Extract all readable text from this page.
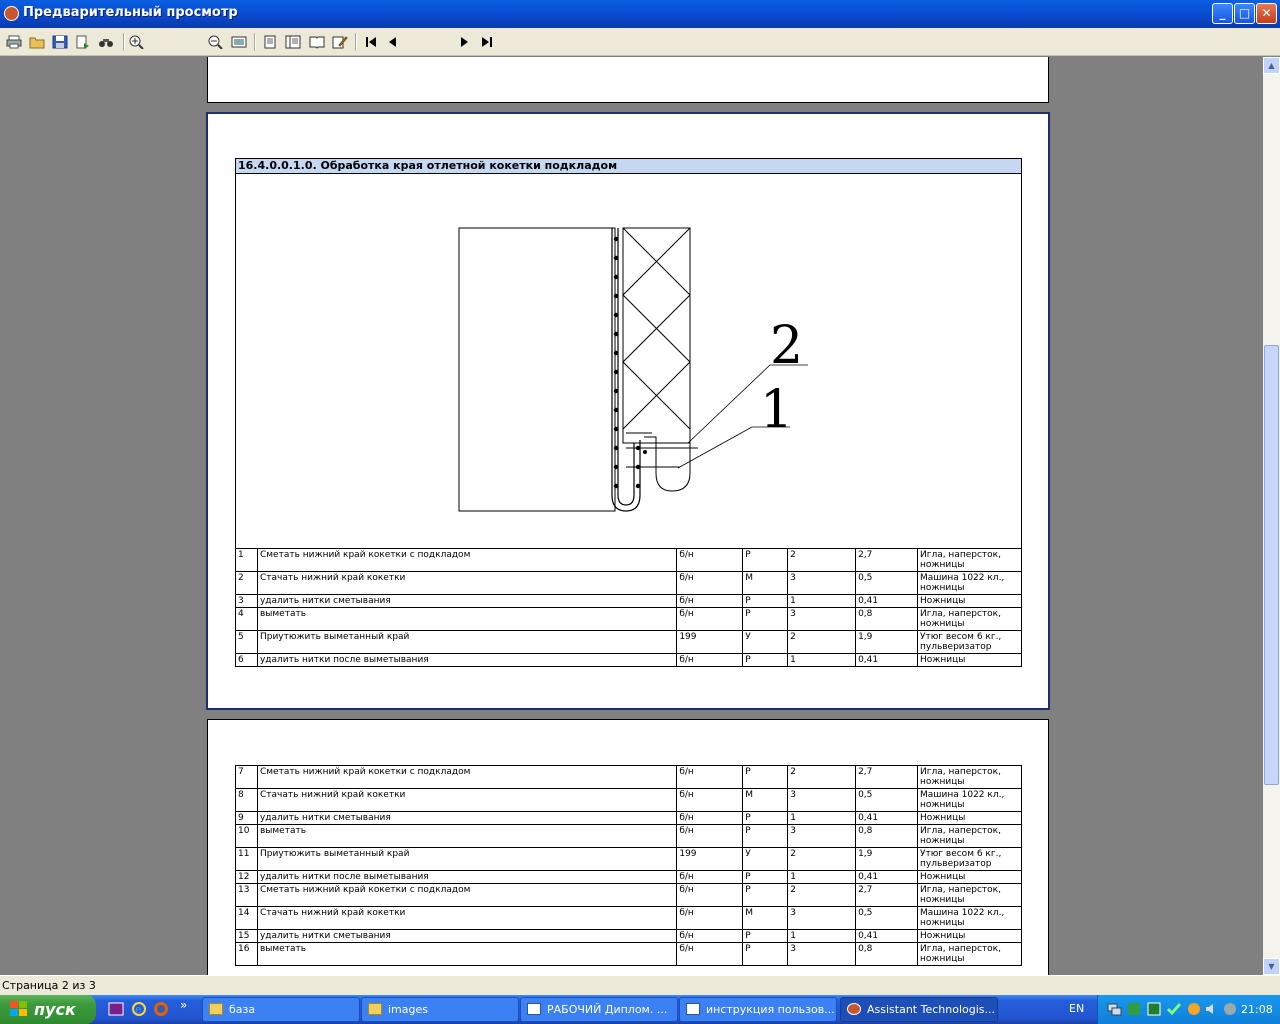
Предварительный просмотр	_	□ ✕
16.4.0.0.1.0. Обработка края отлетной кокетки подкладом
2
1
1	Сметать нижний край кокетки с подкладом	б/н	Р	2	2,7	Игла, наперсток, ножницы
2	Стачать нижний край кокетки	б/н	М	3	0,5	Машина 1022 кл., ножницы
3	удалить нитки сметывания	б/н	Р	1	0,41	Ножницы
4	выметать	б/н	Р	3	0,8	Игла, наперсток, ножницы
5	Приутюжить выметанный край	199	У	2	1,9	Утюг весом 6 кг., пульверизатор
6	удалить нитки после выметывания	б/н	Р	1	0,41	Ножницы
7	Сметать нижний край кокетки с подкладом	б/н	Р	2	2,7	Игла, наперсток, ножницы
8	Стачать нижний край кокетки	б/н	М	3	0,5	Машина 1022 кл., ножницы
9	удалить нитки сметывания	б/н	Р	1	0,41	Ножницы
10	выметать	б/н	Р	3	0,8	Игла, наперсток, ножницы
11	Приутюжить выметанный край	199	У	2	1,9	Утюг весом 6 кг., пульверизатор
12	удалить нитки после выметывания	б/н	Р	1	0,41	Ножницы
13	Сметать нижний край кокетки с подкладом	б/н	Р	2	2,7	Игла, наперсток, ножницы
14	Стачать нижний край кокетки	б/н	М	3	0,5	Машина 1022 кл., ножницы
15	удалить нитки сметывания	б/н	Р	1	0,41	Ножницы
16	выметать	б/н	Р	3	0,8	Игла, наперсток, ножницы
▲
▼
Страница 2 из 3
пуск	e	»	база	images	РАБОЧИЙ Диплом. ...	инструкция пользов...	Assistant Technologis...	EN	21:08
